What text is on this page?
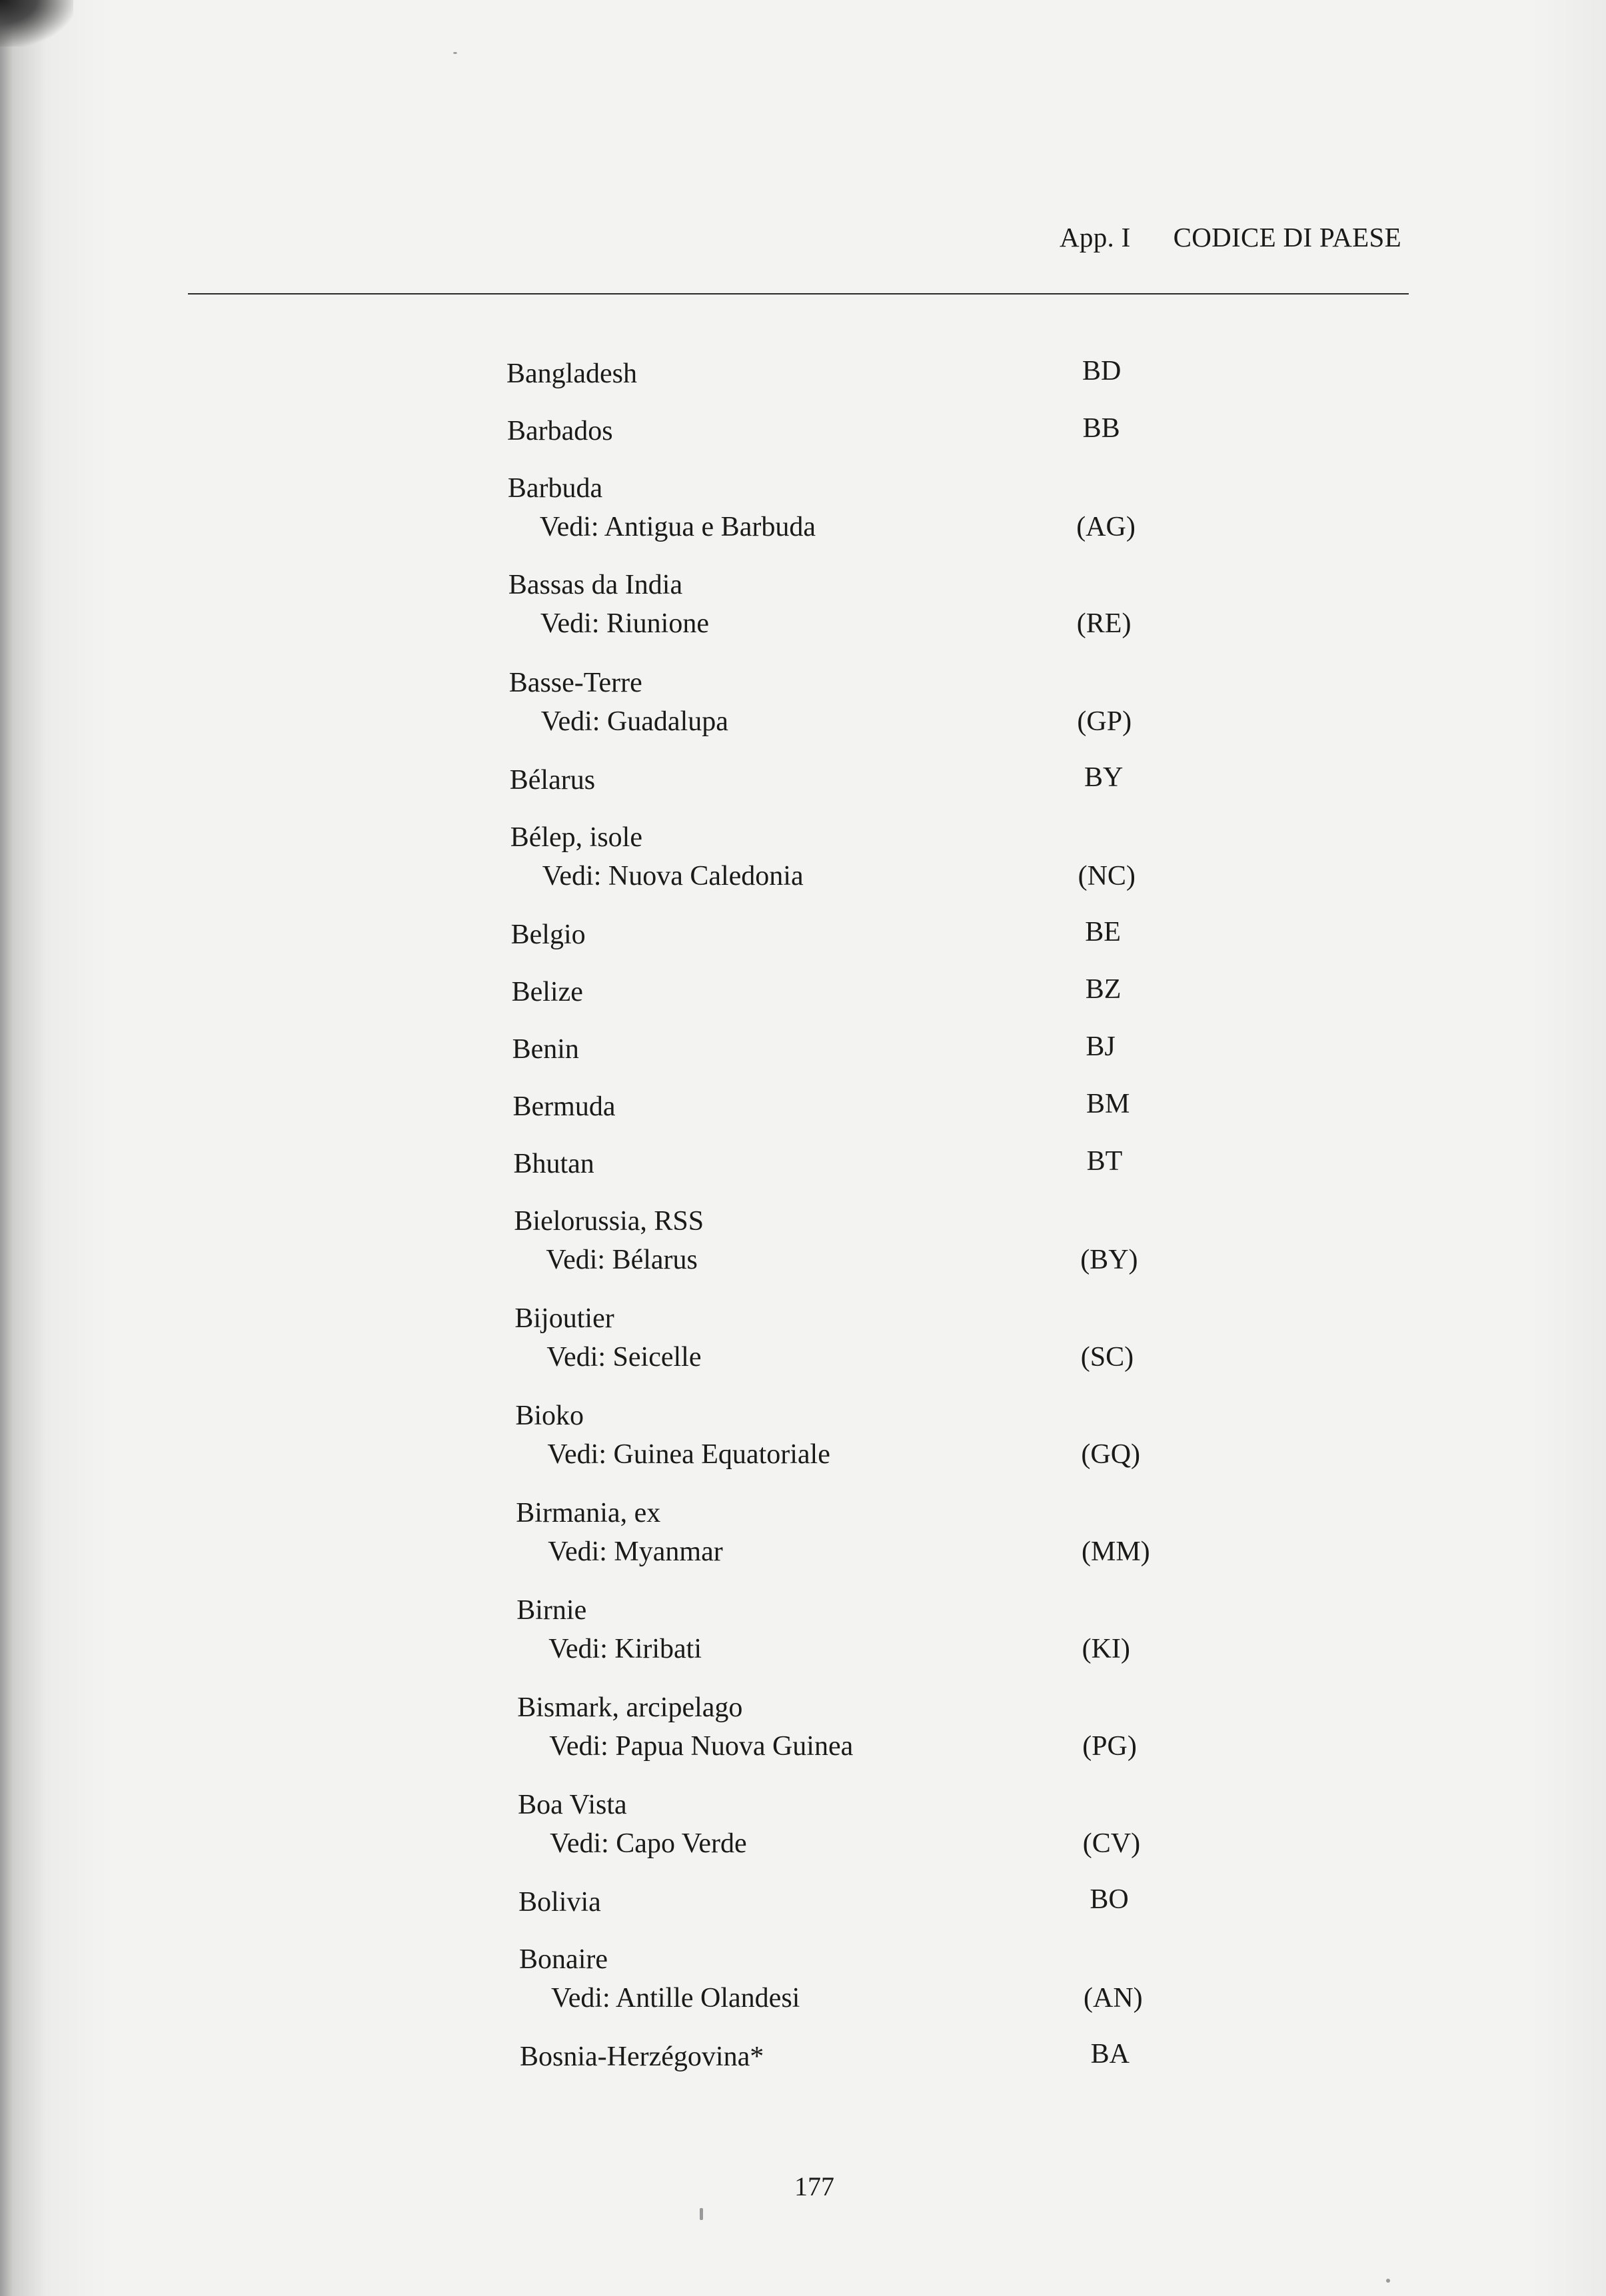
App. I CODICE DI PAESE
Bangladesh	BD
Barbados	BB
Barbuda
Vedi: Antigua e Barbuda	(AG)
Bassas da India
Vedi: Riunione	(RE)
Basse-Terre
Vedi: Guadalupa	(GP)
Bélarus	BY
Bélep, isole
Vedi: Nuova Caledonia	(NC)
Belgio	BE
Belize	BZ
Benin	BJ
Bermuda	BM
Bhutan	BT
Bielorussia, RSS
Vedi: Bélarus	(BY)
Bijoutier
Vedi: Seicelle	(SC)
Bioko
Vedi: Guinea Equatoriale	(GQ)
Birmania, ex
Vedi: Myanmar	(MM)
Birnie
Vedi: Kiribati	(KI)
Bismark, arcipelago
Vedi: Papua Nuova Guinea	(PG)
Boa Vista
Vedi: Capo Verde	(CV)
Bolivia	BO
Bonaire
Vedi: Antille Olandesi	(AN)
Bosnia-Herzégovina*	BA
177
